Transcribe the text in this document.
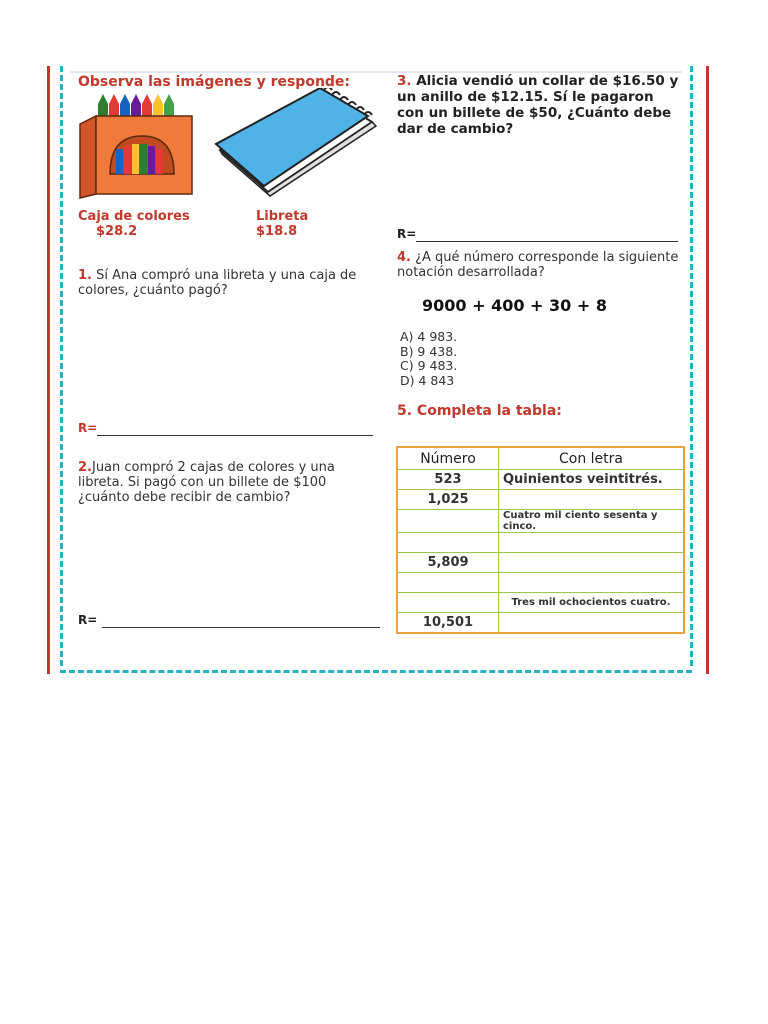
Observa las imágenes y responde:
Caja de colores
$28.2
Libreta
$18.8
1. Sí Ana compró una libreta y una caja de colores, ¿cuánto pagó?
R=
2.Juan compró 2 cajas de colores y una libreta. Si pagó con un billete de $100 ¿cuánto debe recibir de cambio?
R=
3. Alicia vendió un collar de $16.50 y un anillo de $12.15. Sí le pagaron con un billete de $50, ¿Cuánto debe dar de cambio?
R=
4. ¿A qué número corresponde la siguiente notación desarrollada?
9000 + 400 + 30 + 8
A) 4 983.
B) 9 438.
C) 9 483.
D) 4 843
5. Completa la tabla:
Número	Con letra
523	Quinientos veintitrés.
1,025	
	Cuatro mil ciento sesenta y cinco.

5,809	

	Tres mil ochocientos cuatro.
10,501	
